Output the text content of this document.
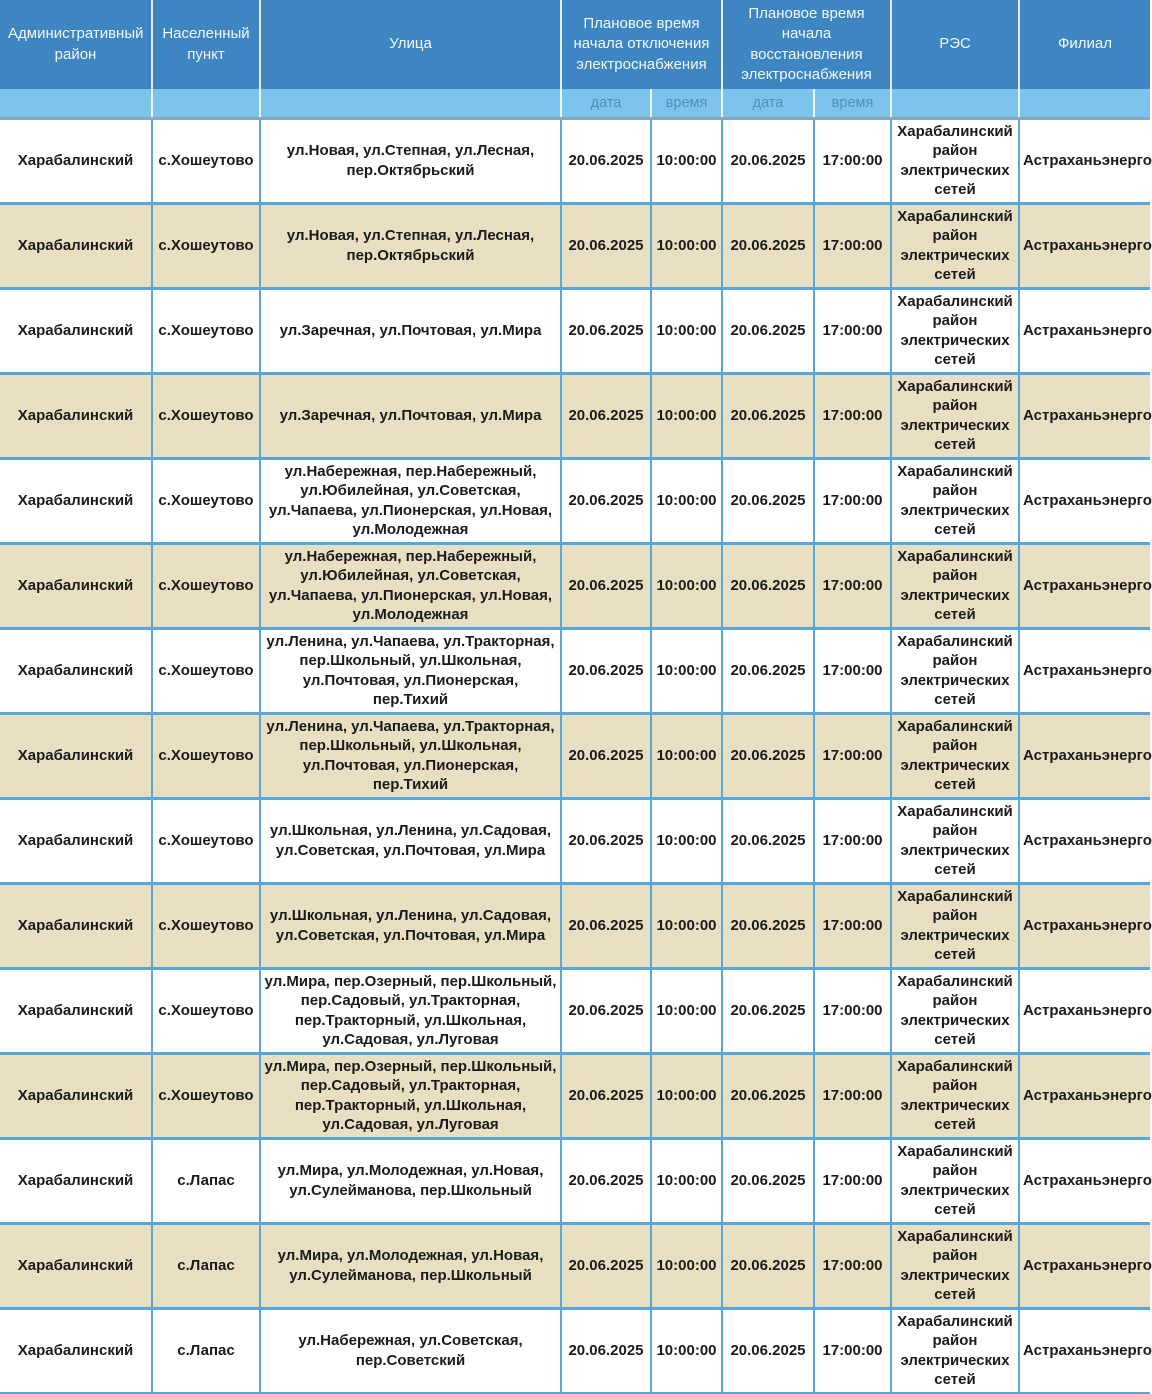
Административный район	Населенный пункт	Улица	Плановое время начала отключения электроснабжения		Плановое время начала восстановления электроснабжения		РЭС	Филиал
			дата	время	дата	время		
Харабалинский	с.Хошеутово	ул.Новая, ул.Степная, ул.Лесная, пер.Октябрьский	20.06.2025	10:00:00	20.06.2025	17:00:00	Харабалинский район электрических сетей	Астраханьэнерго
Харабалинский	с.Хошеутово	ул.Новая, ул.Степная, ул.Лесная, пер.Октябрьский	20.06.2025	10:00:00	20.06.2025	17:00:00	Харабалинский район электрических сетей	Астраханьэнерго
Харабалинский	с.Хошеутово	ул.Заречная, ул.Почтовая, ул.Мира	20.06.2025	10:00:00	20.06.2025	17:00:00	Харабалинский район электрических сетей	Астраханьэнерго
Харабалинский	с.Хошеутово	ул.Заречная, ул.Почтовая, ул.Мира	20.06.2025	10:00:00	20.06.2025	17:00:00	Харабалинский район электрических сетей	Астраханьэнерго
Харабалинский	с.Хошеутово	ул.Набережная, пер.Набережный, ул.Юбилейная, ул.Советская, ул.Чапаева, ул.Пионерская, ул.Новая, ул.Молодежная	20.06.2025	10:00:00	20.06.2025	17:00:00	Харабалинский район электрических сетей	Астраханьэнерго
Харабалинский	с.Хошеутово	ул.Набережная, пер.Набережный, ул.Юбилейная, ул.Советская, ул.Чапаева, ул.Пионерская, ул.Новая, ул.Молодежная	20.06.2025	10:00:00	20.06.2025	17:00:00	Харабалинский район электрических сетей	Астраханьэнерго
Харабалинский	с.Хошеутово	ул.Ленина, ул.Чапаева, ул.Тракторная, пер.Школьный, ул.Школьная, ул.Почтовая, ул.Пионерская, пер.Тихий	20.06.2025	10:00:00	20.06.2025	17:00:00	Харабалинский район электрических сетей	Астраханьэнерго
Харабалинский	с.Хошеутово	ул.Ленина, ул.Чапаева, ул.Тракторная, пер.Школьный, ул.Школьная, ул.Почтовая, ул.Пионерская, пер.Тихий	20.06.2025	10:00:00	20.06.2025	17:00:00	Харабалинский район электрических сетей	Астраханьэнерго
Харабалинский	с.Хошеутово	ул.Школьная, ул.Ленина, ул.Садовая, ул.Советская, ул.Почтовая, ул.Мира	20.06.2025	10:00:00	20.06.2025	17:00:00	Харабалинский район электрических сетей	Астраханьэнерго
Харабалинский	с.Хошеутово	ул.Школьная, ул.Ленина, ул.Садовая, ул.Советская, ул.Почтовая, ул.Мира	20.06.2025	10:00:00	20.06.2025	17:00:00	Харабалинский район электрических сетей	Астраханьэнерго
Харабалинский	с.Хошеутово	ул.Мира, пер.Озерный, пер.Школьный, пер.Садовый, ул.Тракторная, пер.Тракторный, ул.Школьная, ул.Садовая, ул.Луговая	20.06.2025	10:00:00	20.06.2025	17:00:00	Харабалинский район электрических сетей	Астраханьэнерго
Харабалинский	с.Хошеутово	ул.Мира, пер.Озерный, пер.Школьный, пер.Садовый, ул.Тракторная, пер.Тракторный, ул.Школьная, ул.Садовая, ул.Луговая	20.06.2025	10:00:00	20.06.2025	17:00:00	Харабалинский район электрических сетей	Астраханьэнерго
Харабалинский	с.Лапас	ул.Мира, ул.Молодежная, ул.Новая, ул.Сулейманова, пер.Школьный	20.06.2025	10:00:00	20.06.2025	17:00:00	Харабалинский район электрических сетей	Астраханьэнерго
Харабалинский	с.Лапас	ул.Мира, ул.Молодежная, ул.Новая, ул.Сулейманова, пер.Школьный	20.06.2025	10:00:00	20.06.2025	17:00:00	Харабалинский район электрических сетей	Астраханьэнерго
Харабалинский	с.Лапас	ул.Набережная, ул.Советская, пер.Советский	20.06.2025	10:00:00	20.06.2025	17:00:00	Харабалинский район электрических сетей	Астраханьэнерго
